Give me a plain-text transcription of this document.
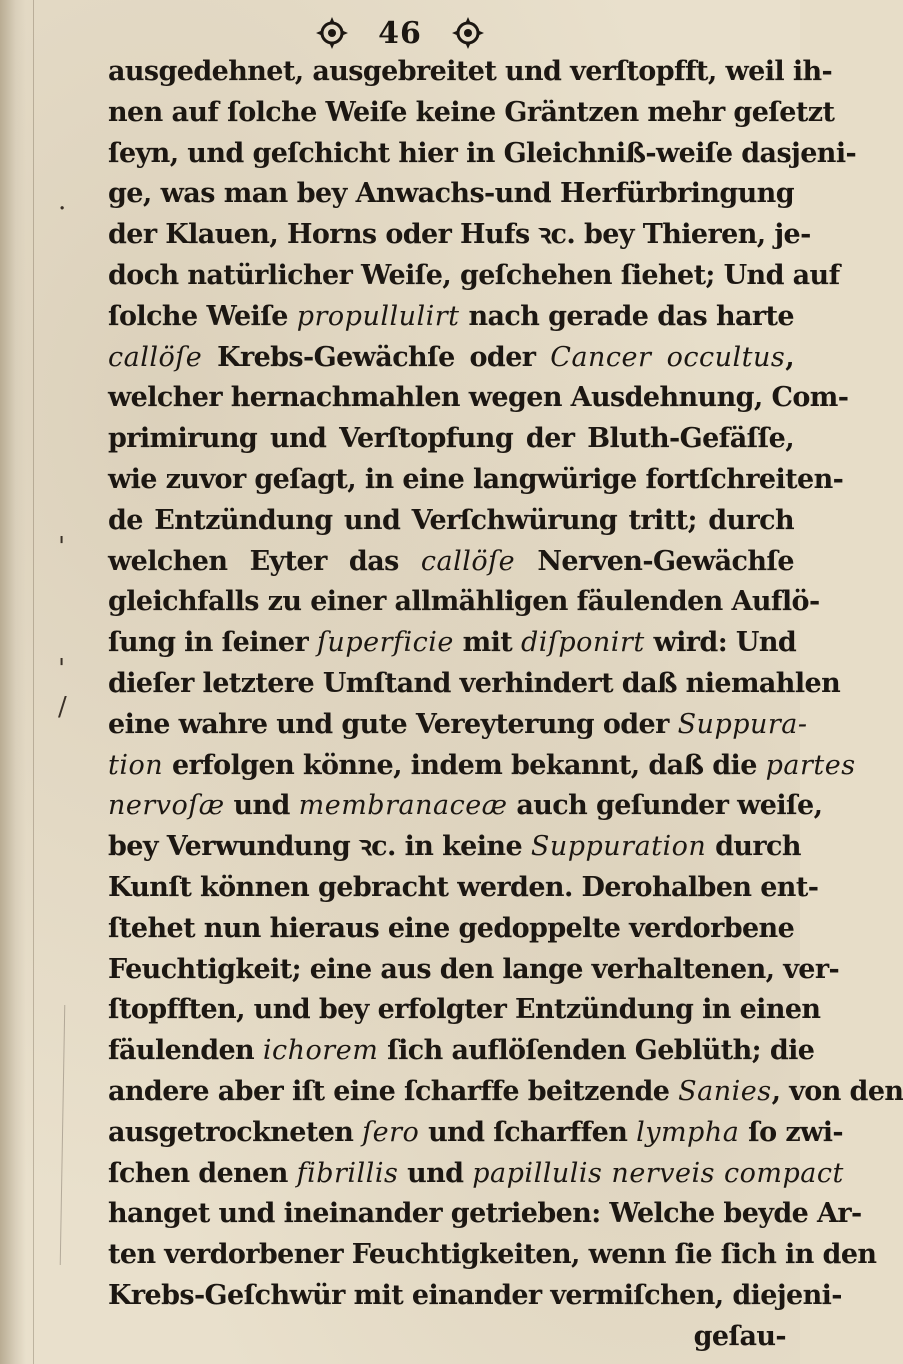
46
.
'
'
/
ausgedehnet, ausgebreitet und verſtopfft, weil ih-
nen auf ſolche Weiſe keine Gräntzen mehr geſetzt
ſeyn, und geſchicht hier in Gleichniß-weiſe dasjeni-
ge, was man bey Anwachs-und Herfürbringung
der Klauen, Horns oder Hufs ꝛc. bey Thieren, je-
doch natürlicher Weiſe, geſchehen ſiehet; Und auf
ſolche Weiſe propullulirt nach gerade das harte
callöſe Krebs-Gewächſe oder Cancer occultus,
welcher hernachmahlen wegen Ausdehnung, Com-
primirung und Verſtopfung der Bluth-Gefäſſe,
wie zuvor geſagt, in eine langwürige fortſchreiten-
de Entzündung und Verſchwürung tritt; durch
welchen Eyter das callöſe Nerven-Gewächſe
gleichfalls zu einer allmähligen fäulenden Auflö-
ſung in ſeiner ſuperficie mit diſponirt wird: Und
dieſer letztere Umſtand verhindert daß niemahlen
eine wahre und gute Vereyterung oder Suppura-
tion erfolgen könne, indem bekannt, daß die partes
nervoſæ und membranaceæ auch geſunder weiſe,
bey Verwundung ꝛc. in keine Suppuration durch
Kunſt können gebracht werden. Derohalben ent-
ſtehet nun hieraus eine gedoppelte verdorbene
Feuchtigkeit; eine aus den lange verhaltenen, ver-
ſtopfften, und bey erfolgter Entzündung in einen
fäulenden ichorem ſich auflöſenden Geblüth; die
andere aber iſt eine ſcharffe beitzende Sanies, von den
ausgetrockneten ſero und ſcharffen lympha ſo zwi-
ſchen denen fibrillis und papillulis nerveis compact
hanget und ineinander getrieben: Welche beyde Ar-
ten verdorbener Feuchtigkeiten, wenn ſie ſich in den
Krebs-Geſchwür mit einander vermiſchen, diejeni-
geſau-
